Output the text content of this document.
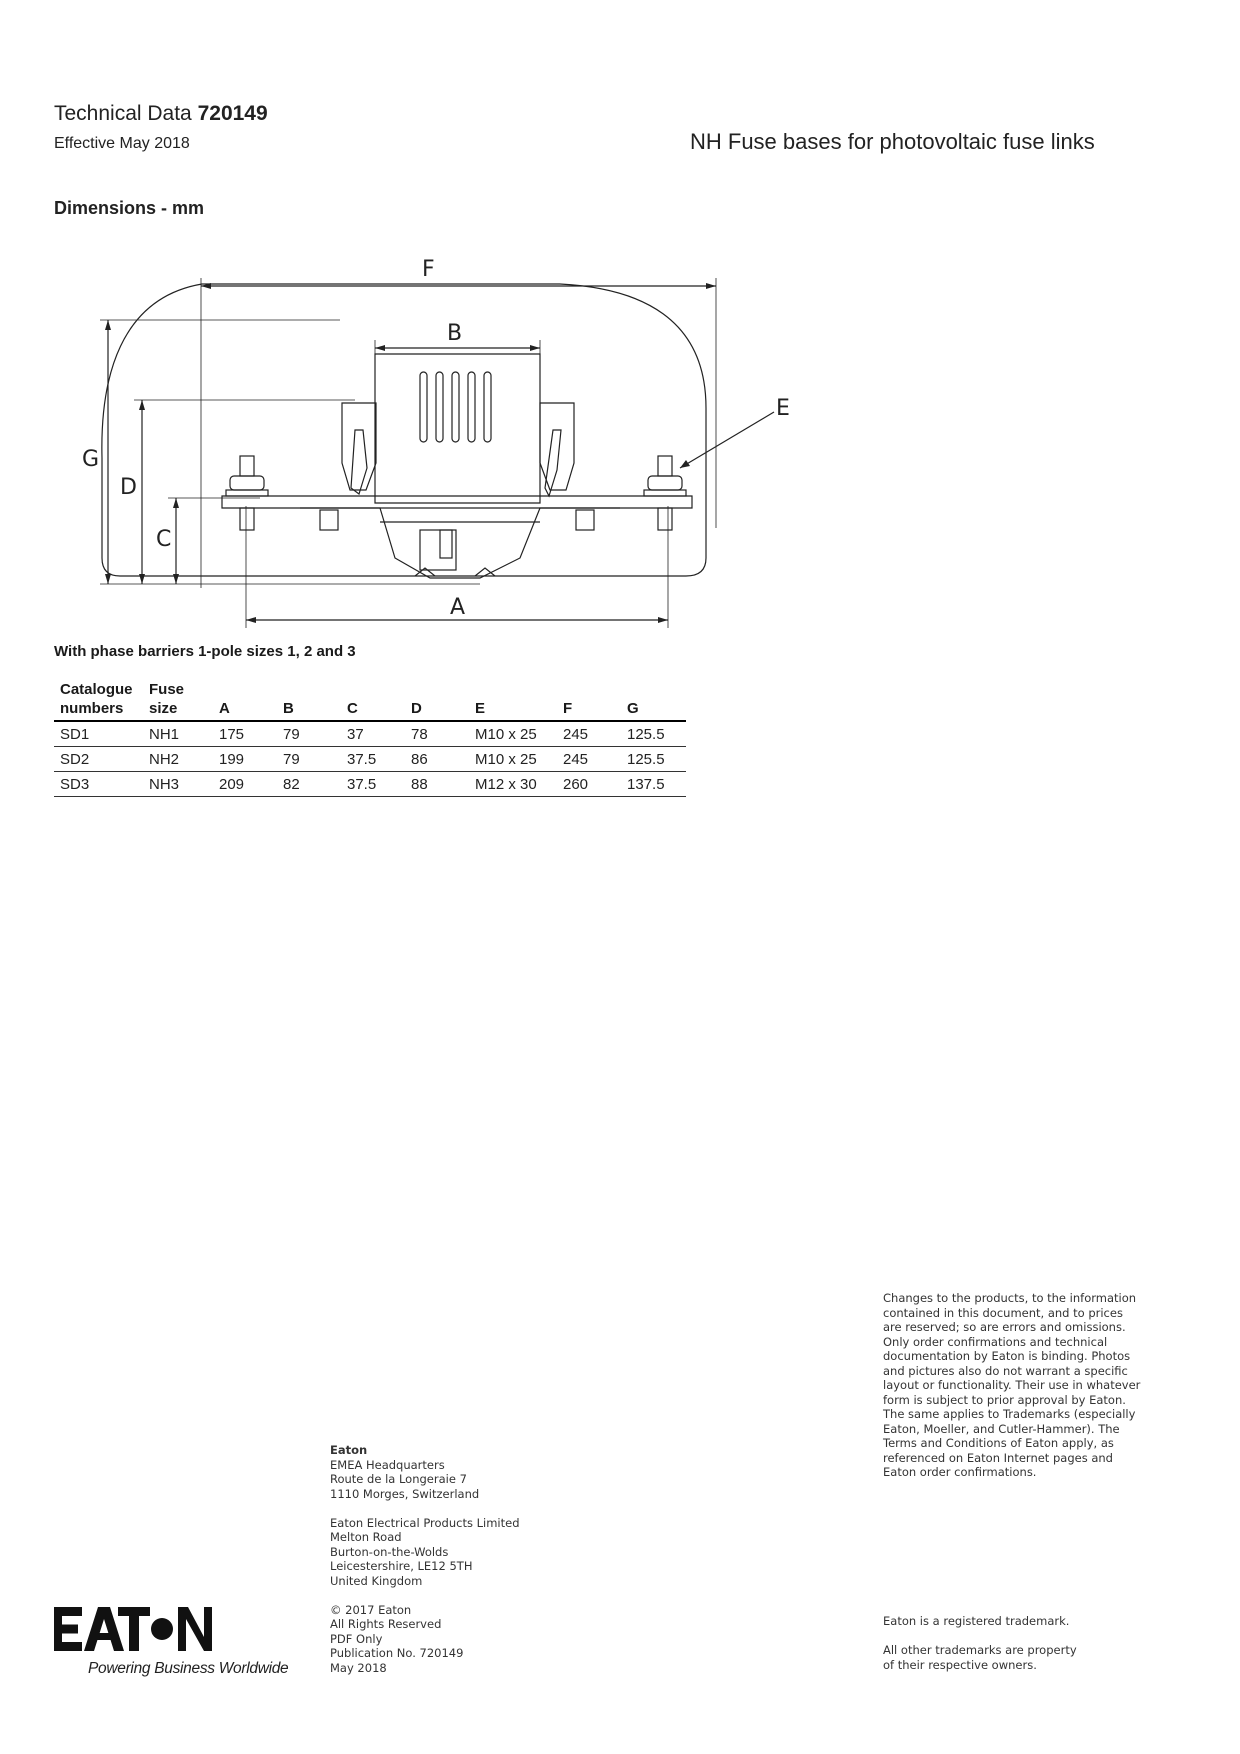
Technical Data 720149
Effective May 2018	NH Fuse bases for photovoltaic fuse links
Dimensions - mm
F
B
E
G
D
C
A
With phase barriers 1-pole sizes 1, 2 and 3
Catalogue
numbers	Fuse
size	A	B	C	D	E	F	G
SD1	NH1	175	79	37	78	M10 x 25	245	125.5
SD2	NH2	199	79	37.5	86	M10 x 25	245	125.5
SD3	NH3	209	82	37.5	88	M12 x 30	260	137.5
Changes to the products, to the information contained in this document, and to prices are reserved; so are errors and omissions. Only order confirmations and technical documentation by Eaton is binding. Photos and pictures also do not warrant a specific layout or functionality. Their use in whatever form is subject to prior approval by Eaton. The same applies to Trademarks (especially Eaton, Moeller, and Cutler-Hammer). The Terms and Conditions of Eaton apply, as referenced on Eaton Internet pages and Eaton order confirmations.
Eaton
EMEA Headquarters
Route de la Longeraie 7
1110 Morges, Switzerland
Eaton Electrical Products Limited
Melton Road
Burton-on-the-Wolds
Leicestershire, LE12 5TH
United Kingdom
© 2017 Eaton
All Rights Reserved
PDF Only
Publication No. 720149
May 2018
Eaton is a registered trademark.
All other trademarks are property
of their respective owners.
Powering Business Worldwide
